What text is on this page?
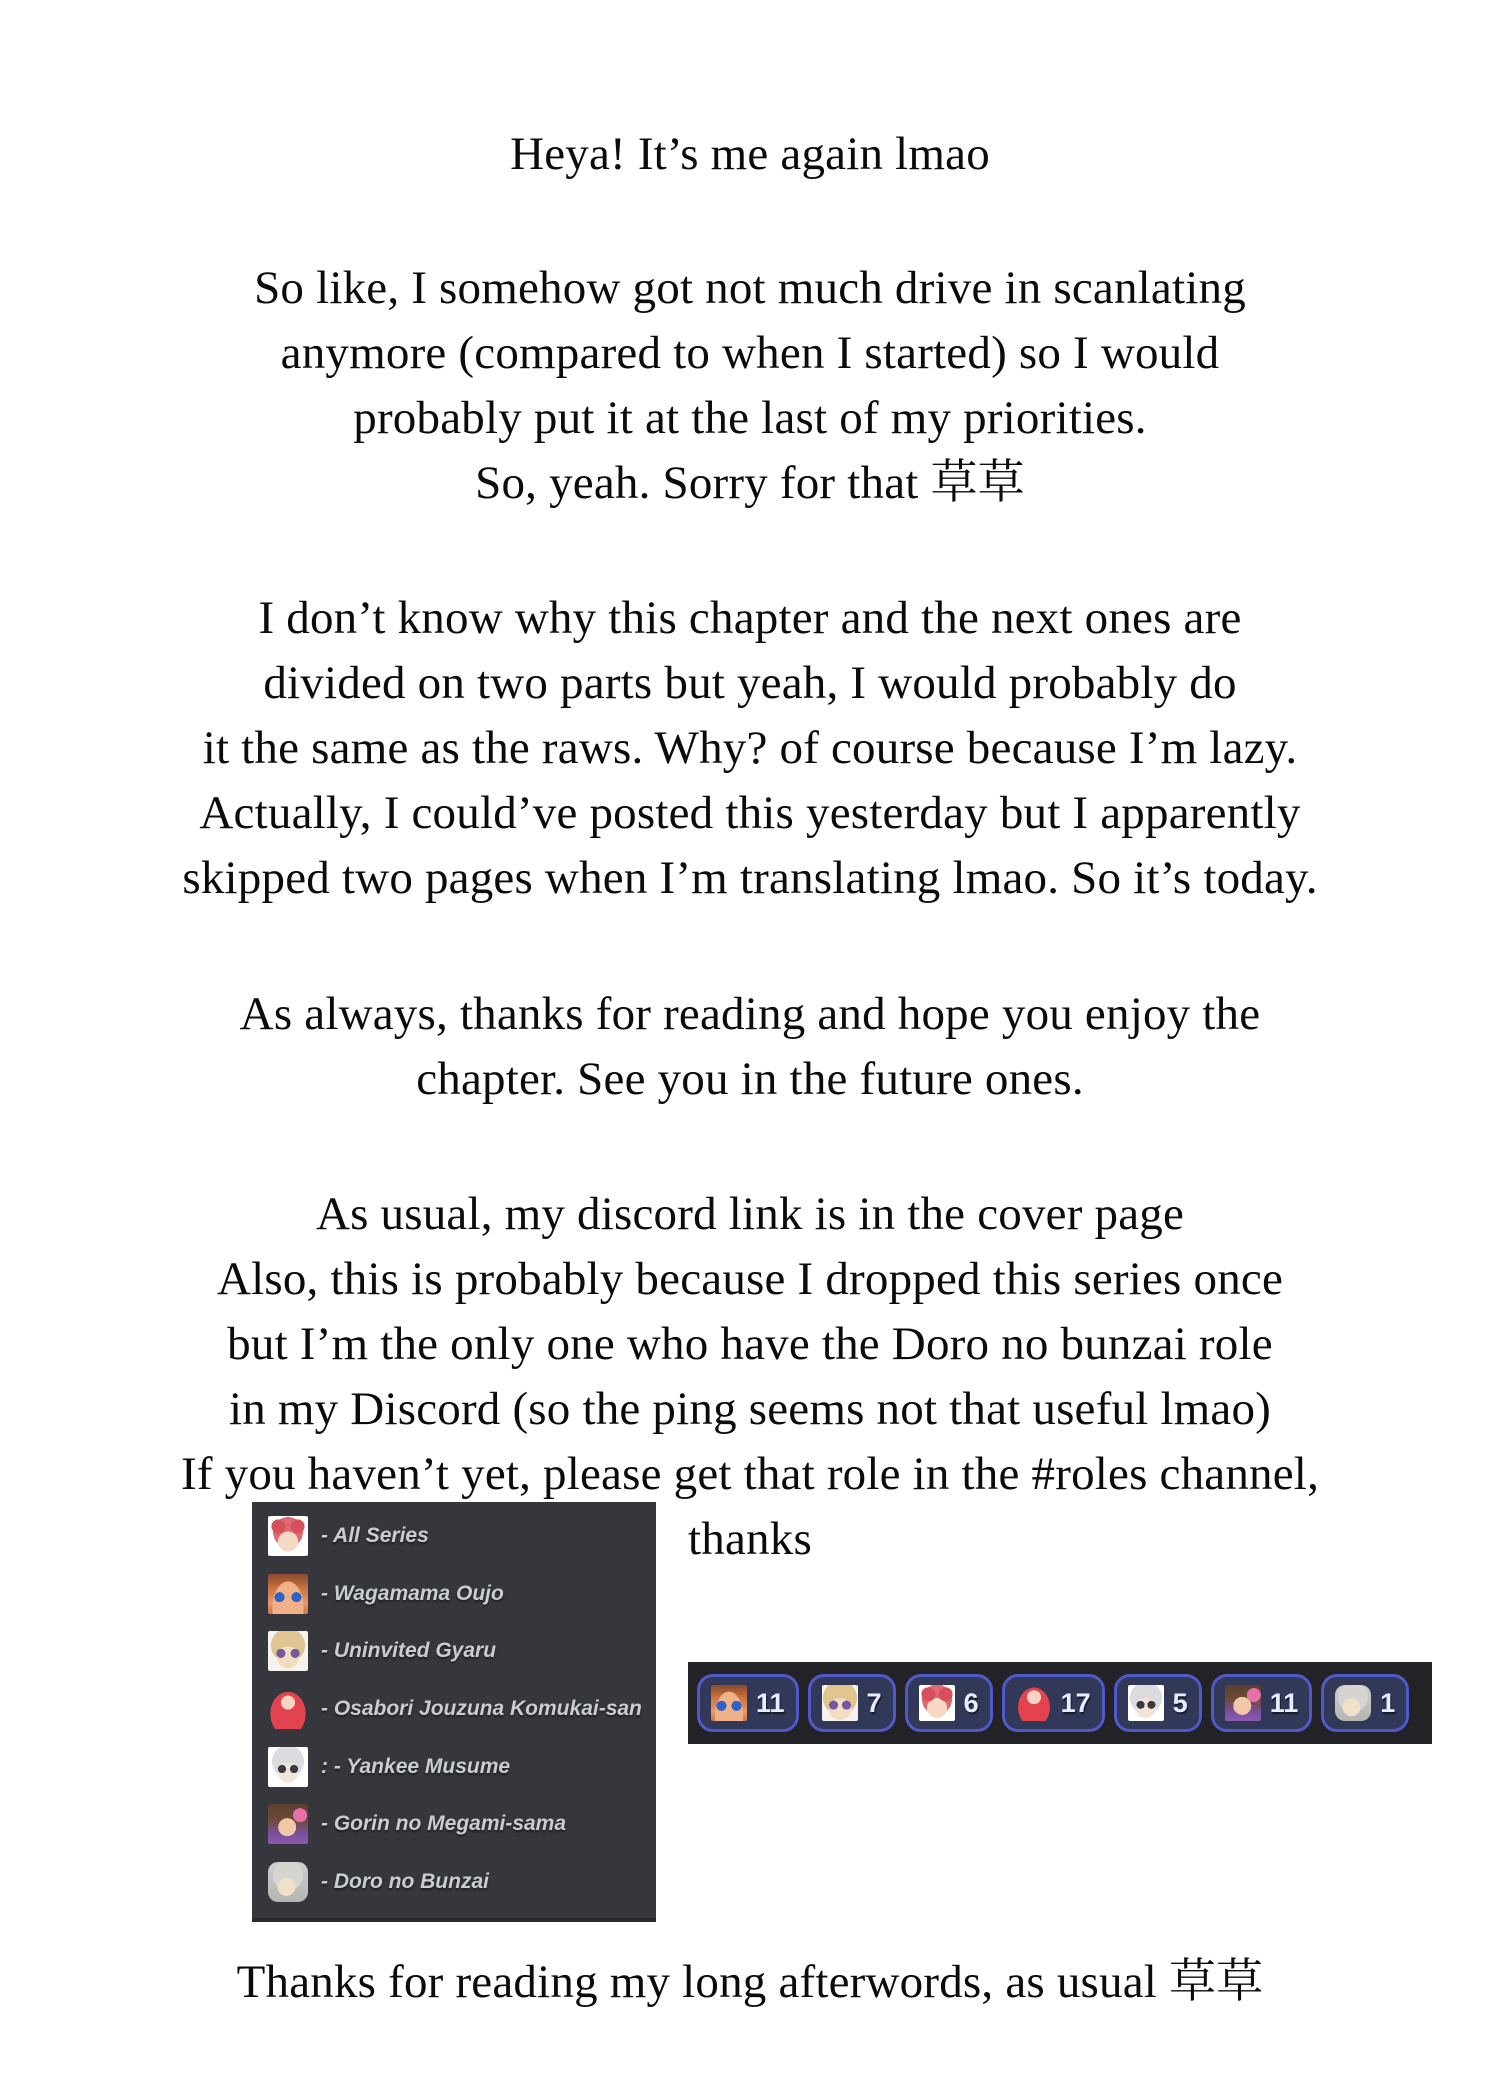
Heya! It’s me again lmao
So like, I somehow got not much drive in scanlating
anymore (compared to when I started) so I would
probably put it at the last of my priorities.
So, yeah. Sorry for that 草草
I don’t know why this chapter and the next ones are
divided on two parts but yeah, I would probably do
it the same as the raws. Why? of course because I’m lazy.
Actually, I could’ve posted this yesterday but I apparently
skipped two pages when I’m translating lmao. So it’s today.
As always, thanks for reading and hope you enjoy the
chapter. See you in the future ones.
As usual, my discord link is in the cover page
Also, this is probably because I dropped this series once
but I’m the only one who have the Doro no bunzai role
in my Discord (so the ping seems not that useful lmao)
If you haven’t yet, please get that role in the #roles channel,
thanks
- All Series
- Wagamama Oujo
- Uninvited Gyaru
- Osabori Jouzuna Komukai-san
: - Yankee Musume
- Gorin no Megami-sama
- Doro no Bunzai
11	7	6	17	5	11	1
Thanks for reading my long afterwords, as usual 草草
